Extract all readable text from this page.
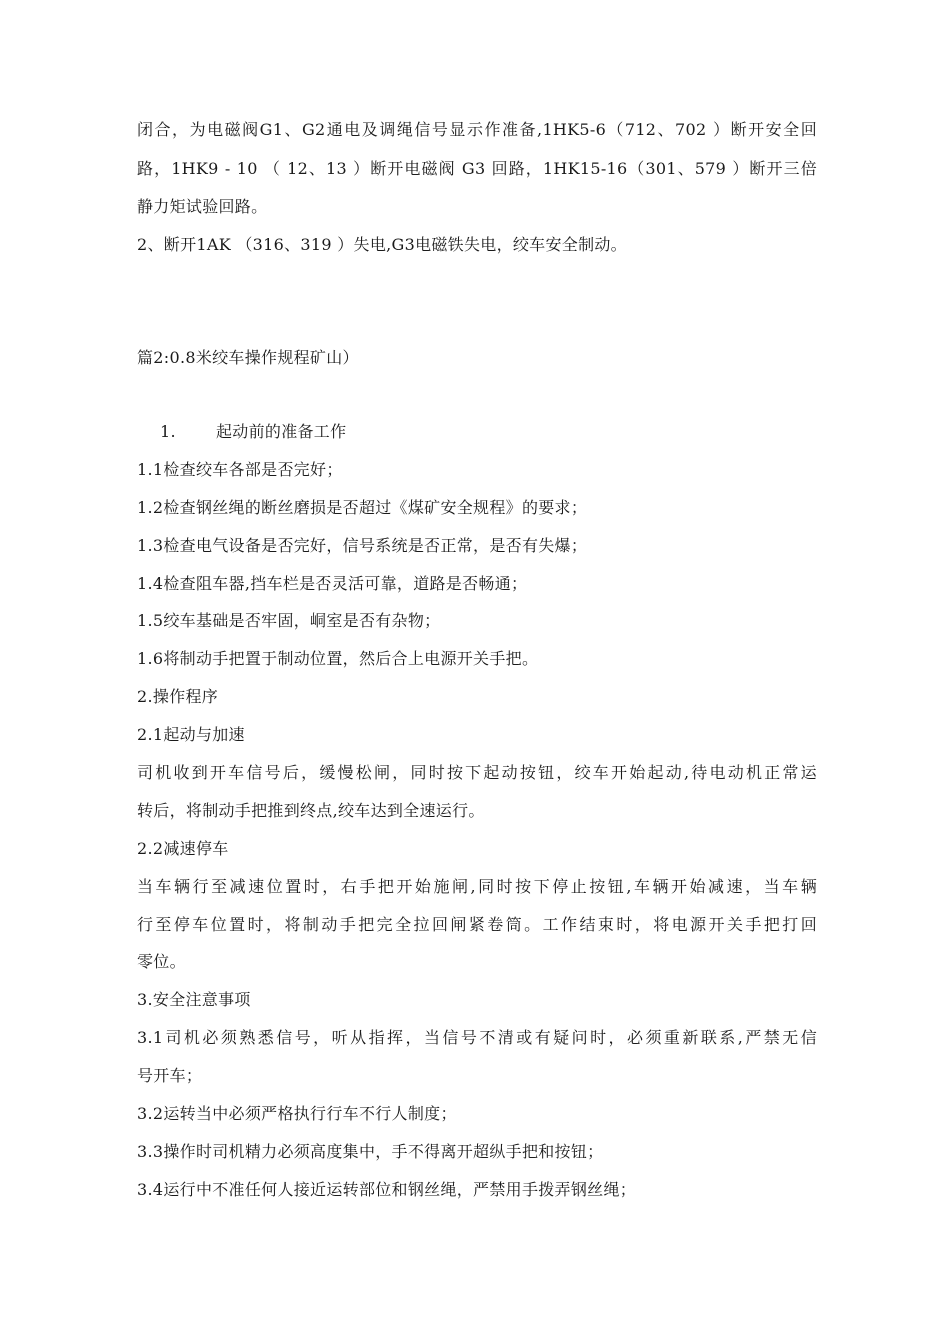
闭合，为电磁阀G1、G2通电及调绳信号显示作准备,1HK5-6（712、702 ）断开安全回
路，1HK9 - 10 （ 12、13 ）断开电磁阀 G3 回路，1HK15-16（301、579 ）断开三倍
静力矩试验回路。
2、断开1AK （316、319 ）失电,G3电磁铁失电，绞车安全制动。
篇2:0.8米绞车操作规程矿山）
1.	起动前的准备工作
1.1检查绞车各部是否完好；
1.2检查钢丝绳的断丝磨损是否超过《煤矿安全规程》的要求；
1.3检查电气设备是否完好，信号系统是否正常，是否有失爆；
1.4检查阻车器,挡车栏是否灵活可靠，道路是否畅通；
1.5绞车基础是否牢固，峒室是否有杂物；
1.6将制动手把置于制动位置，然后合上电源开关手把。
2.操作程序
2.1起动与加速
司机收到开车信号后，缓慢松闸，同时按下起动按钮，绞车开始起动,待电动机正常运
转后，将制动手把推到终点,绞车达到全速运行。
2.2减速停车
当车辆行至减速位置时，右手把开始施闸,同时按下停止按钮,车辆开始减速，当车辆
行至停车位置时，将制动手把完全拉回闸紧卷筒。工作结束时，将电源开关手把打回
零位。
3.安全注意事项
3.1司机必须熟悉信号，听从指挥，当信号不清或有疑问时，必须重新联系,严禁无信
号开车；
3.2运转当中必须严格执行行车不行人制度；
3.3操作时司机精力必须高度集中，手不得离开超纵手把和按钮；
3.4运行中不准任何人接近运转部位和钢丝绳，严禁用手拨弄钢丝绳；
